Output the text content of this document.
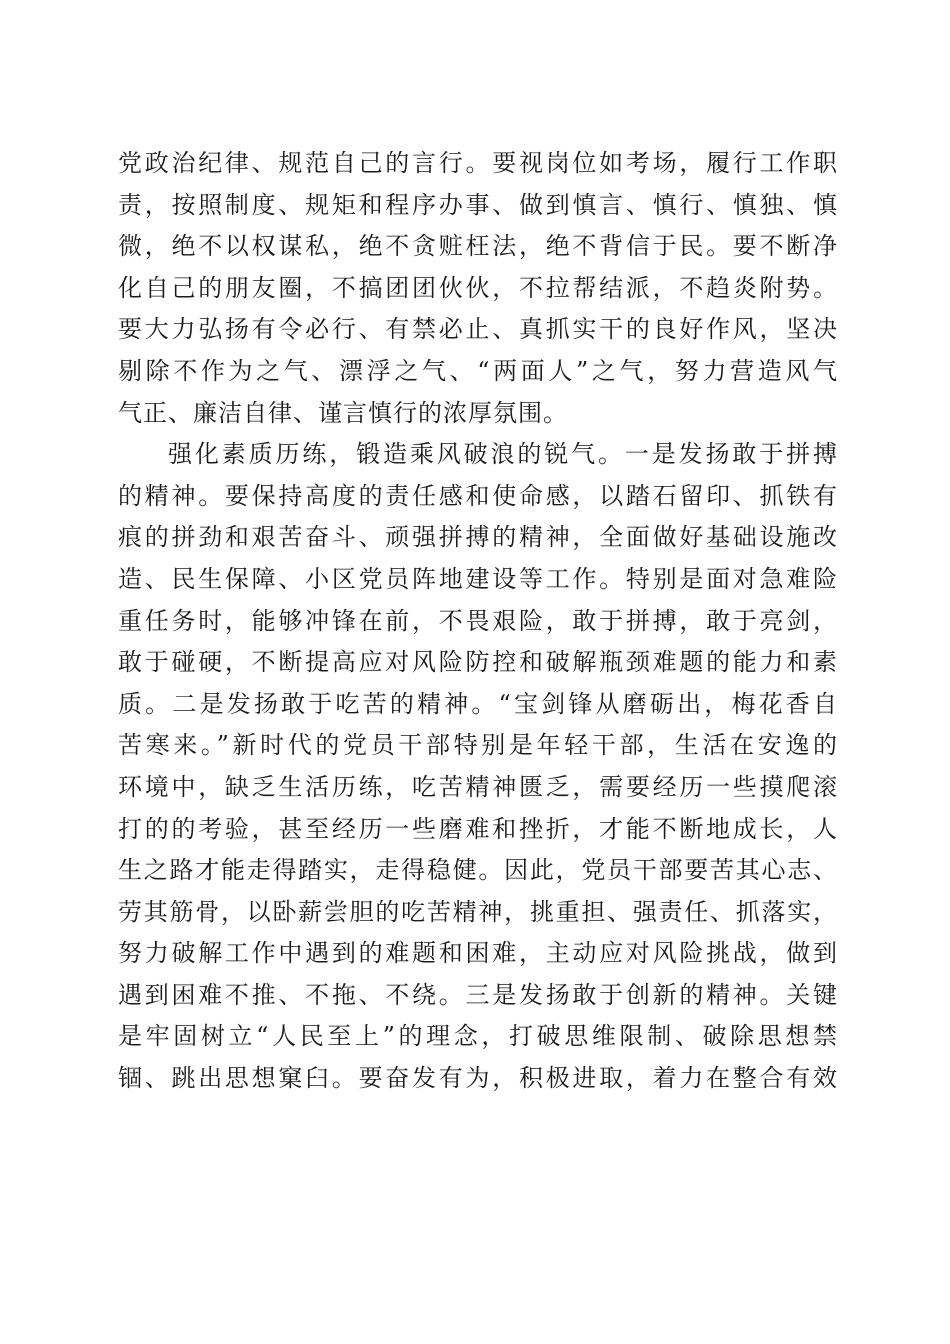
党政治纪律、规范自己的言行。要视岗位如考场，履行工作职
责，按照制度、规矩和程序办事、做到慎言、慎行、慎独、慎
微，绝不以权谋私，绝不贪赃枉法，绝不背信于民。要不断净
化自己的朋友圈，不搞团团伙伙，不拉帮结派，不趋炎附势。
要大力弘扬有令必行、有禁必止、真抓实干的良好作风，坚决
剔除不作为之气、漂浮之气、“两面人”之气，努力营造风气
气正、廉洁自律、谨言慎行的浓厚氛围。
强化素质历练，锻造乘风破浪的锐气。一是发扬敢于拼搏
的精神。要保持高度的责任感和使命感，以踏石留印、抓铁有
痕的拼劲和艰苦奋斗、顽强拼搏的精神，全面做好基础设施改
造、民生保障、小区党员阵地建设等工作。特别是面对急难险
重任务时，能够冲锋在前，不畏艰险，敢于拼搏，敢于亮剑，
敢于碰硬，不断提高应对风险防控和破解瓶颈难题的能力和素
质。二是发扬敢于吃苦的精神。“宝剑锋从磨砺出，梅花香自
苦寒来。”新时代的党员干部特别是年轻干部，生活在安逸的
环境中，缺乏生活历练，吃苦精神匮乏，需要经历一些摸爬滚
打的的考验，甚至经历一些磨难和挫折，才能不断地成长，人
生之路才能走得踏实，走得稳健。因此，党员干部要苦其心志、
劳其筋骨，以卧薪尝胆的吃苦精神，挑重担、强责任、抓落实，
努力破解工作中遇到的难题和困难，主动应对风险挑战，做到
遇到困难不推、不拖、不绕。三是发扬敢于创新的精神。关键
是牢固树立“人民至上”的理念，打破思维限制、破除思想禁
锢、跳出思想窠臼。要奋发有为，积极进取，着力在整合有效
